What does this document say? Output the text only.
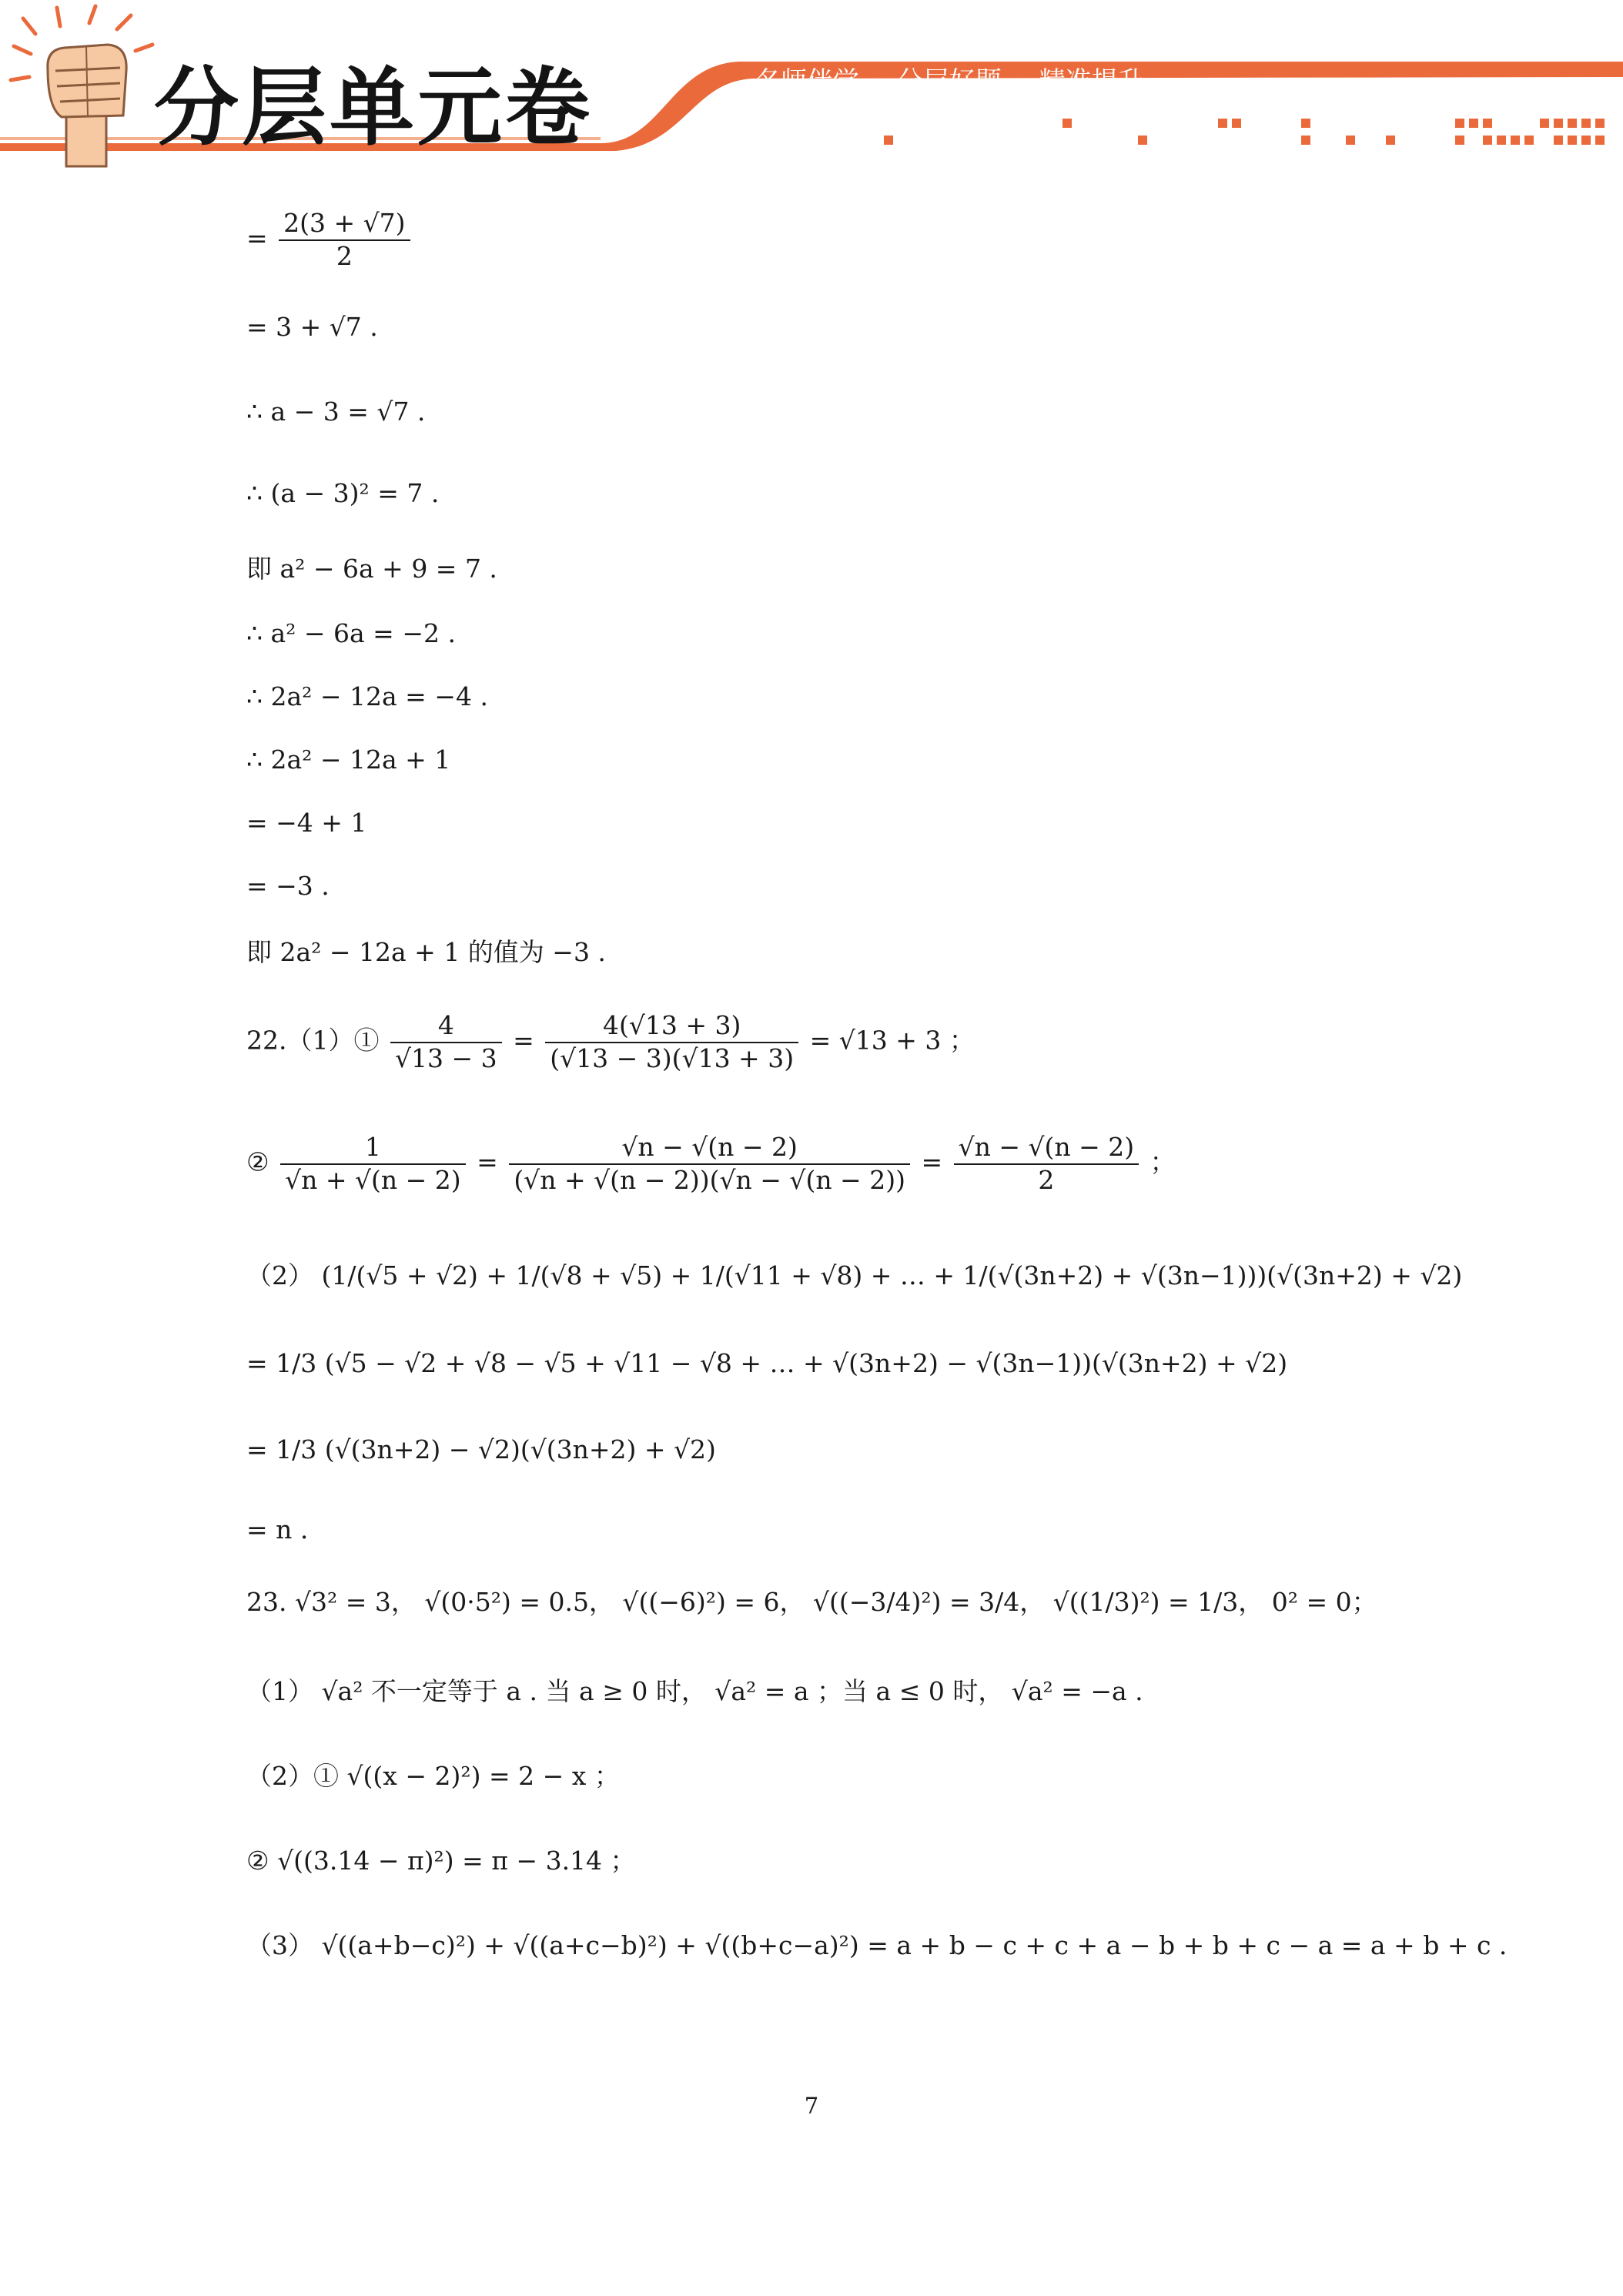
分层单元卷	名师伴学 分层好题 精准提升
= $\frac{2(3 + √7)}{2}$
= 3 + √7 .
∴ a − 3 = √7 .
∴ (a − 3)² = 7 .
即 a² − 6a + 9 = 7 .
∴ a² − 6a = −2 .
∴ 2a² − 12a = −4 .
∴ 2a² − 12a + 1
= −4 + 1
= −3 .
即 2a² − 12a + 1 的值为 −3 .
22.（1）① $\frac{4}{√13 - 3} = \frac{4(√13 + 3)}{(√13 - 3)(√13 + 3)} = √13 + 3$ ；
② $\frac{1}{√n + √(n - 2)} = \frac{√n - √(n - 2)}{(√n + √(n - 2))(√n - √(n - 2))} = \frac{√n - √(n - 2)}{2}$ ；
（2） (1/(√5 + √2) + 1/(√8 + √5) + 1/(√11 + √8) + … + 1/(√(3n+2) + √(3n−1)))(√(3n+2) + √2)
= 1/3 (√5 − √2 + √8 − √5 + √11 − √8 + … + √(3n+2) − √(3n−1))(√(3n+2) + √2)
= 1/3 (√(3n+2) − √2)(√(3n+2) + √2)
= n .
23. √3² = 3， √(0·5²) = 0.5， √((−6)²) = 6， √((−3/4)²) = 3/4， √((1/3)²) = 1/3， 0² = 0；
（1） √a² 不一定等于 a . 当 a ≥ 0 时， √a² = a ；当 a ≤ 0 时， √a² = −a .
（2）① √((x − 2)²) = 2 − x ；
② √((3.14 − π)²) = π − 3.14 ；
（3） √((a+b−c)²) + √((a+c−b)²) + √((b+c−a)²) = a + b − c + c + a − b + b + c − a = a + b + c .
7
